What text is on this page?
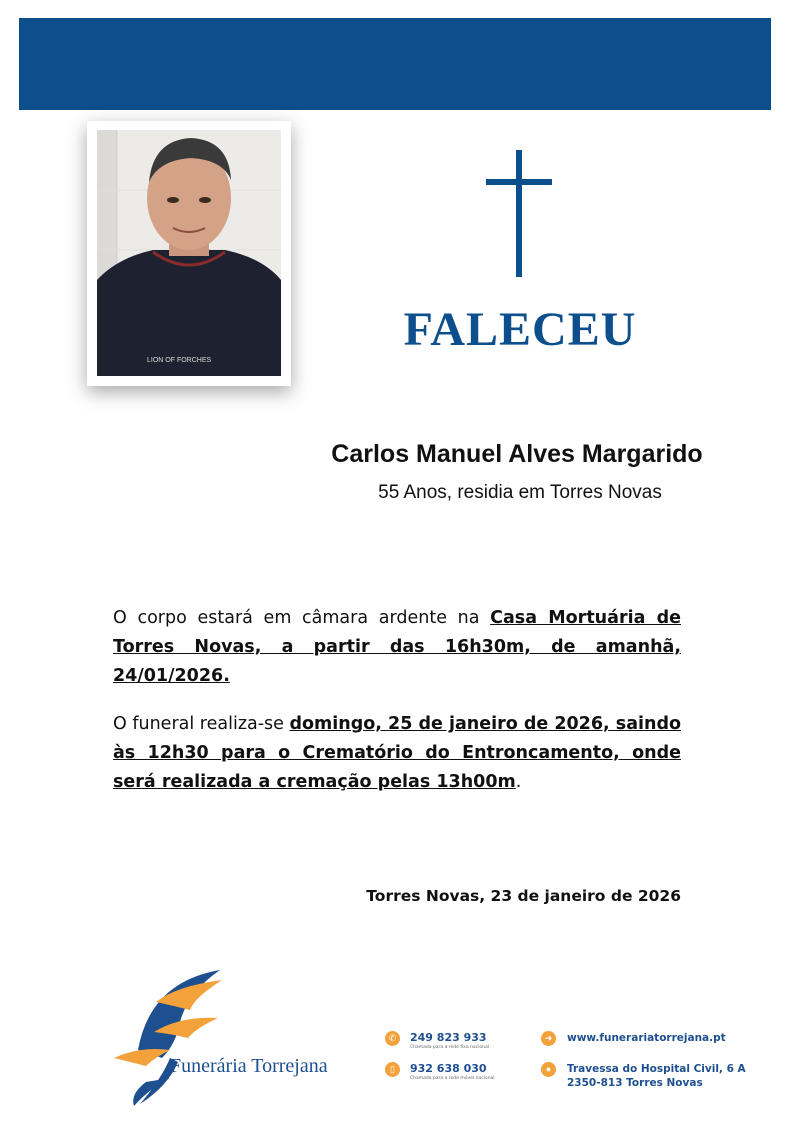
LION OF FORCHES
FALECEU
Carlos Manuel Alves Margarido
55 Anos, residia em Torres Novas
O corpo estará em câmara ardente na Casa Mortuária de Torres Novas, a partir das 16h30m, de amanhã, 24/01/2026.
O funeral realiza-se domingo, 25 de janeiro de 2026, saindo às 12h30 para o Crematório do Entroncamento, onde será realizada a cremação pelas 13h00m.
Torres Novas, 23 de janeiro de 2026
Funerária Torrejana
✆	249 823 933
Chamada para a rede fixa nacional
▯	932 638 030
Chamada para a rede móvel nacional
➜	www.funerariatorrejana.pt
●	Travessa do Hospital Civil, 6 A
2350-813 Torres Novas
